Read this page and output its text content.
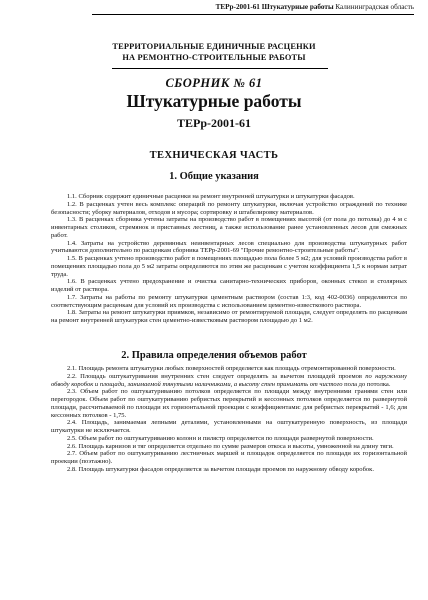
ТЕРр-2001-61 Штукатурные работы Калининградская область
ТЕРРИТОРИАЛЬНЫЕ ЕДИНИЧНЫЕ РАСЦЕНКИ
НА РЕМОНТНО-СТРОИТЕЛЬНЫЕ РАБОТЫ
СБОРНИК № 61
Штукатурные работы
ТЕРр-2001-61
ТЕХНИЧЕСКАЯ ЧАСТЬ
1. Общие указания

1.1. Сборник содержит единичные расценки на ремонт внутренней штукатурки и штукатурки фасадов.

1.2. В расценках учтен весь комплекс операций по ремонту штукатурки, включая устройство ограждений по технике безопасности; уборку материалов, отходов и мусора; сортировку и штабелировку материалов.

1.3. В расценках сборника учтены затраты на производство работ в помещениях высотой (от пола до потолка) до 4 м с инвентарных столиков, стремянок и приставных лестниц, а также использование ранее установленных лесов для смежных работ.

1.4. Затраты на устройство деревянных неинвентарных лесов специально для производства штукатурных работ учитываются дополнительно по расценкам сборника ТЕРр-2001-69 "Прочие ремонтно-строительные работы".

1.5. В расценках учтено производство работ в помещениях площадью пола более 5 м2; для условий производства работ в помещениях площадью пола до 5 м2 затраты определяются по этим же расценкам с учетом коэффициента 1,5 к нормам затрат труда.

1.6. В расценках учтено предохранение и очистка санитарно-технических приборов, оконных стекол и столярных изделий от раствора.

1.7. Затраты на работы по ремонту штукатурки цементным раствором (состав 1:3, код 402-0036) определяются по соответствующим расценкам для условий их производства с использованием цементно-известкового раствора.

1.8. Затраты на ремонт штукатурки приямков, независимо от ремонтируемой площади, следует определять по расценкам на ремонт внутренней штукатурки стен цементно-известковым раствором площадью до 1 м2.

2. Правила определения объемов работ

2.1. Площадь ремонта штукатурки любых поверхностей определяется как площадь отремонтированной поверхности.

2.2. Площадь оштукатуривания внутренних стен следует определять за вычетом площадей проемов по наружному обводу коробок и площади, занимаемой тянутыми наличниками, а высоту стен принимать от чистого пола до потолка.

2.3. Объем работ по оштукатуриванию потолков определяется по площади между внутренними гранями стен или перегородок. Объем работ по оштукатуриванию ребристых перекрытий и кессонных потолков определяется по развернутой площади, рассчитываемой по площади их горизонтальной проекции с коэффициентами: для ребристых перекрытий - 1,6; для кессонных потолков - 1,75.

2.4. Площадь, занимаемая лепными деталями, установленными на оштукатуренную поверхность, из площади штукатурки не исключается.

2.5. Объем работ по оштукатуриванию колонн и пилястр определяется по площади развернутой поверхности.

2.6. Площадь карнизов и тяг определяется отдельно по сумме размеров откоса и высоты, умноженной на длину тяги.

2.7. Объем работ по оштукатуриванию лестничных маршей и площадок определяется по площади их горизонтальной проекции (поэтажно).

2.8. Площадь штукатурки фасадов определяется за вычетом площади проемов по наружному обводу коробок.
